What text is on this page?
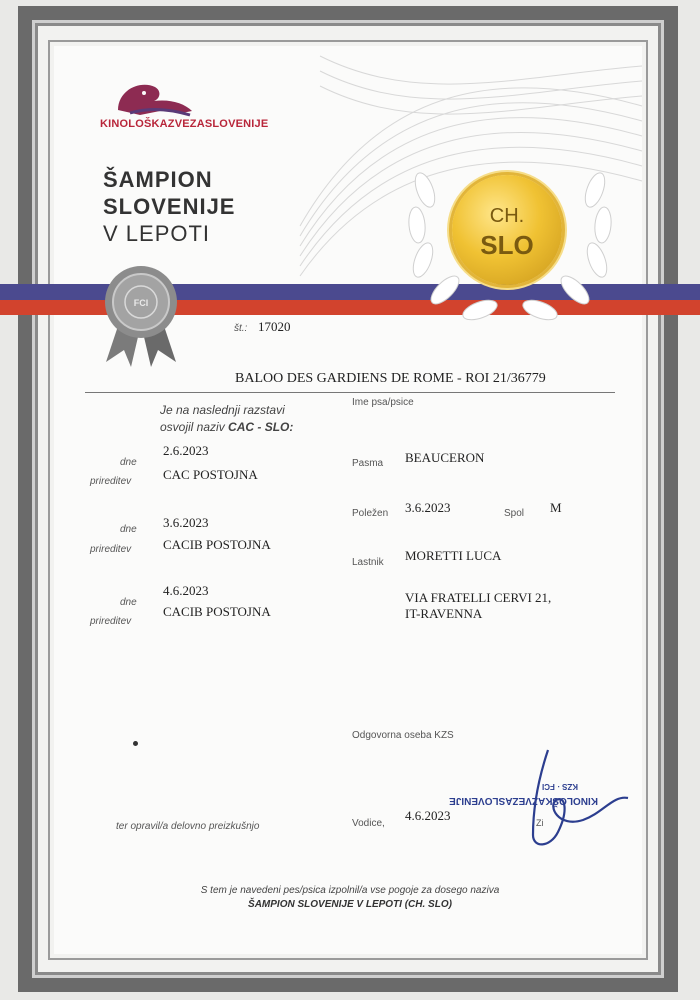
KINOLOŠKAZVEZASLOVENIJE
ŠAMPION
SLOVENIJE
V LEPOTI
CH.
SLO
FCI
št.: 17020
BALOO DES GARDIENS DE ROME - ROI 21/36779
Ime psa/psice
Je na naslednji razstavi
osvojil naziv CAC - SLO:
dne
2.6.2023
prireditev CAC POSTOJNA
dne 3.6.2023
prireditev CACIB POSTOJNA
dne
4.6.2023
prireditev
CACIB POSTOJNA
Pasma BEAUCERON
Poležen 3.6.2023	Spol M
Lastnik MORETTI LUCA
VIA FRATELLI CERVI 21,
IT-RAVENNA
Odgovorna oseba KZS
ter opravil/a delovno preizkušnjo	Vodice,
4.6.2023
KINOLOŠKAZVEZASLOVENIJE
KZS · FCI
Zi
S tem je navedeni pes/psica izpolnil/a vse pogoje za dosego naziva
ŠAMPION SLOVENIJE V LEPOTI (CH. SLO)
